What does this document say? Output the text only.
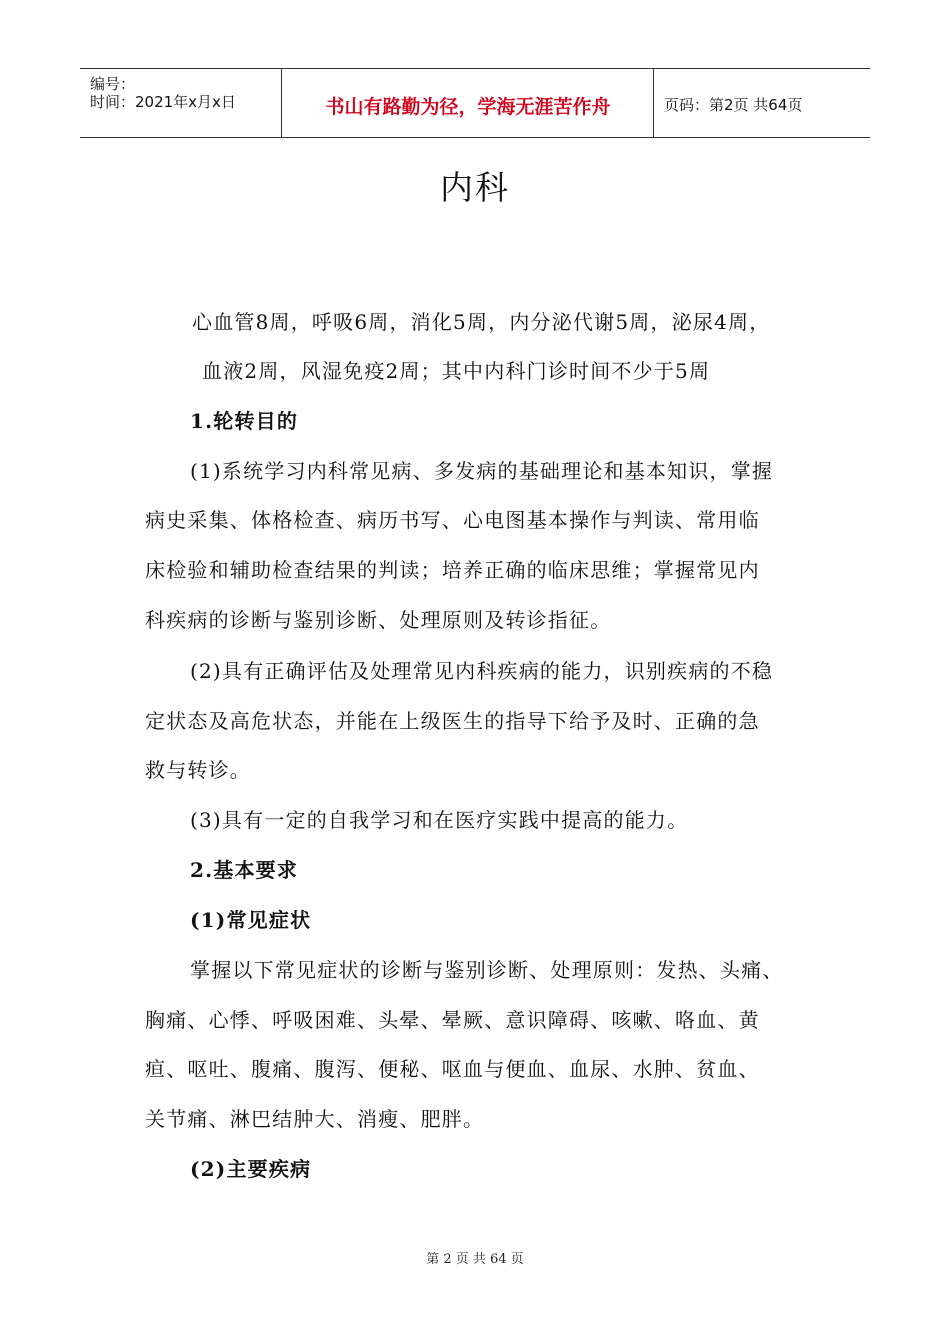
编号：
时间：2021年x月x日	书山有路勤为径，学海无涯苦作舟	页码：第2页 共64页
内科
心血管8周，呼吸6周，消化5周，内分泌代谢5周，泌尿4周，
血液2周，风湿免疫2周；其中内科门诊时间不少于5周
1.轮转目的
(1)系统学习内科常见病、多发病的基础理论和基本知识，掌握
病史采集、体格检查、病历书写、心电图基本操作与判读、常用临
床检验和辅助检查结果的判读；培养正确的临床思维；掌握常见内
科疾病的诊断与鉴别诊断、处理原则及转诊指征。
(2)具有正确评估及处理常见内科疾病的能力，识别疾病的不稳
定状态及高危状态，并能在上级医生的指导下给予及时、正确的急
救与转诊。
(3)具有一定的自我学习和在医疗实践中提高的能力。
2.基本要求
(1)常见症状
掌握以下常见症状的诊断与鉴别诊断、处理原则：发热、头痛、
胸痛、心悸、呼吸困难、头晕、晕厥、意识障碍、咳嗽、咯血、黄
疸、呕吐、腹痛、腹泻、便秘、呕血与便血、血尿、水肿、贫血、
关节痛、淋巴结肿大、消瘦、肥胖。
(2)主要疾病
第 2 页 共 64 页
